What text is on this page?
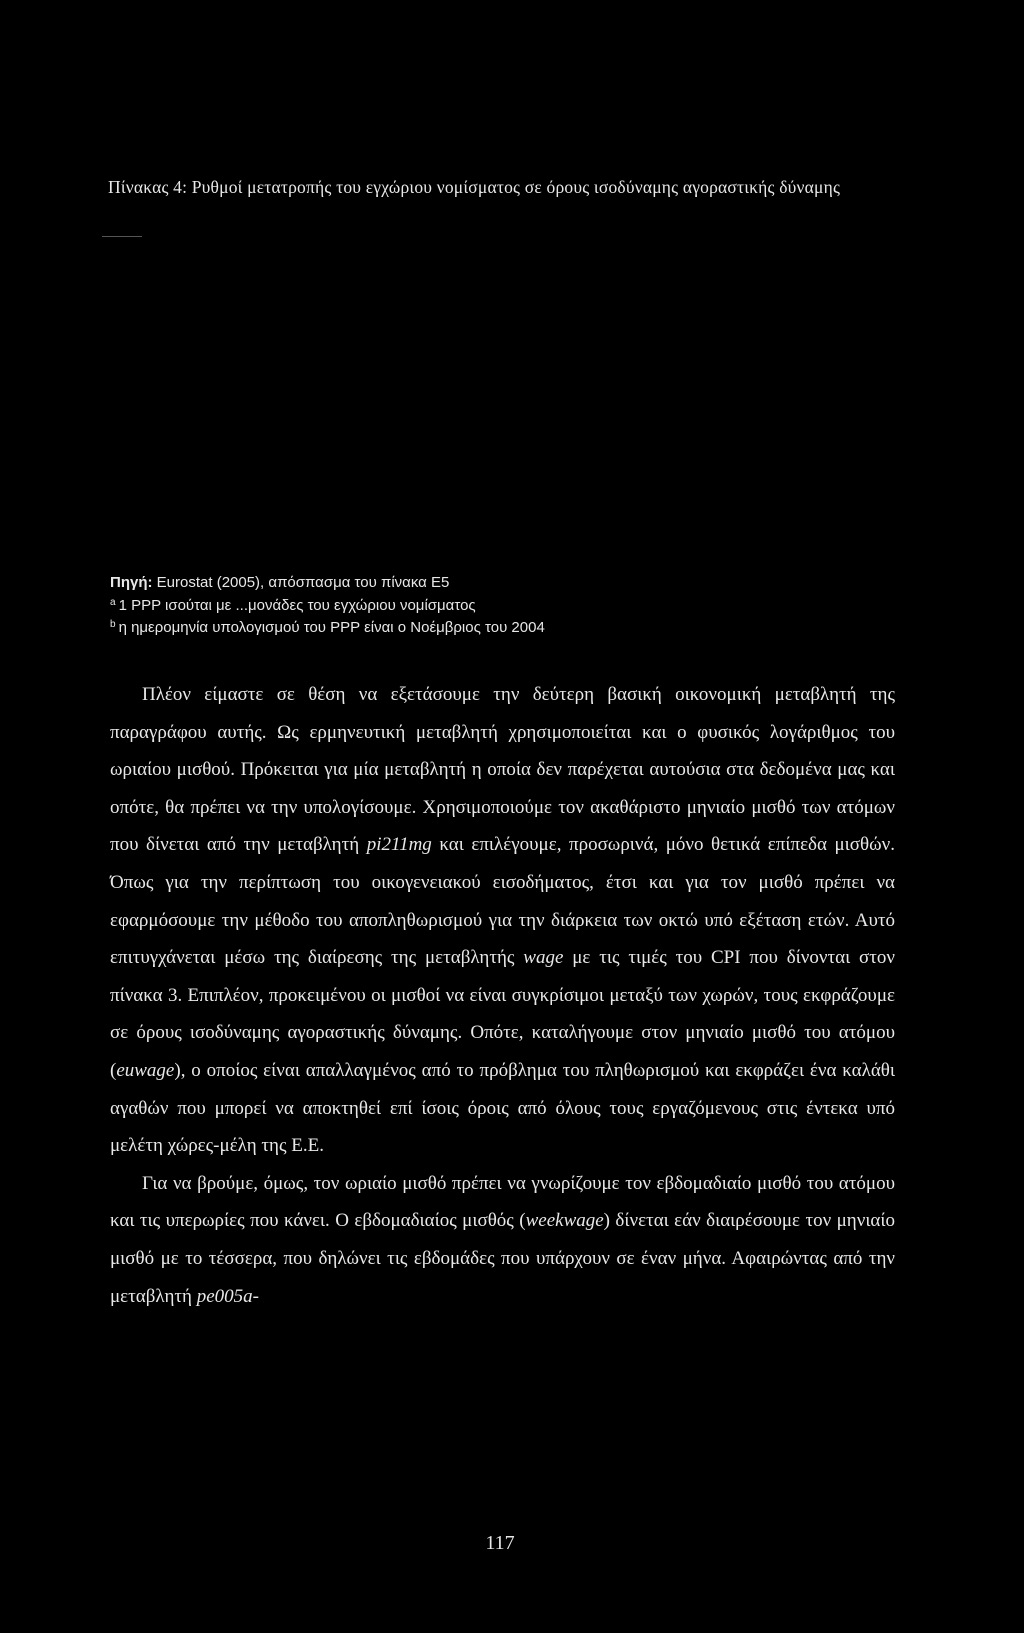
Πίνακας 4: Ρυθμοί μετατροπής του εγχώριου νομίσματος σε όρους ισοδύναμης αγοραστικής δύναμης
Πηγή: Eurostat (2005), απόσπασμα του πίνακα E5
$^a$ 1 PPP ισούται με ...μονάδες του εγχώριου νομίσματος
$^b$ η ημερομηνία υπολογισμού του PPP είναι ο Νοέμβριος του 2004

Πλέον είμαστε σε θέση να εξετάσουμε την δεύτερη βασική οικονομική μεταβλητή της παραγράφου αυτής. Ως ερμηνευτική μεταβλητή χρησιμοποιείται και ο φυσικός λογάριθμος του ωριαίου μισθού. Πρόκειται για μία μεταβλητή η οποία δεν παρέχεται αυτούσια στα δεδομένα μας και οπότε, θα πρέπει να την υπολογίσουμε. Χρησιμοποιούμε τον ακαθάριστο μηνιαίο μισθό των ατόμων που δίνεται από την μεταβλητή pi211mg και επιλέγουμε, προσωρινά, μόνο θετικά επίπεδα μισθών. Όπως για την περίπτωση του οικογενειακού εισοδήματος, έτσι και για τον μισθό πρέπει να εφαρμόσουμε την μέθοδο του αποπληθωρισμού για την διάρκεια των οκτώ υπό εξέταση ετών. Αυτό επιτυγχάνεται μέσω της διαίρεσης της μεταβλητής wage με τις τιμές του CPI που δίνονται στον πίνακα 3. Επιπλέον, προκειμένου οι μισθοί να είναι συγκρίσιμοι μεταξύ των χωρών, τους εκφράζουμε σε όρους ισοδύναμης αγοραστικής δύναμης. Οπότε, καταλήγουμε στον μηνιαίο μισθό του ατόμου (euwage), ο οποίος είναι απαλλαγμένος από το πρόβλημα του πληθωρισμού και εκφράζει ένα καλάθι αγαθών που μπορεί να αποκτηθεί επί ίσοις όροις από όλους τους εργαζόμενους στις έντεκα υπό μελέτη χώρες-μέλη της Ε.Ε.

Για να βρούμε, όμως, τον ωριαίο μισθό πρέπει να γνωρίζουμε τον εβδομαδιαίο μισθό του ατόμου και τις υπερωρίες που κάνει. Ο εβδομαδιαίος μισθός (weekwage) δίνεται εάν διαιρέσουμε τον μηνιαίο μισθό με το τέσσερα, που δηλώνει τις εβδομάδες που υπάρχουν σε έναν μήνα. Αφαιρώντας από την μεταβλητή pe005a-

117
